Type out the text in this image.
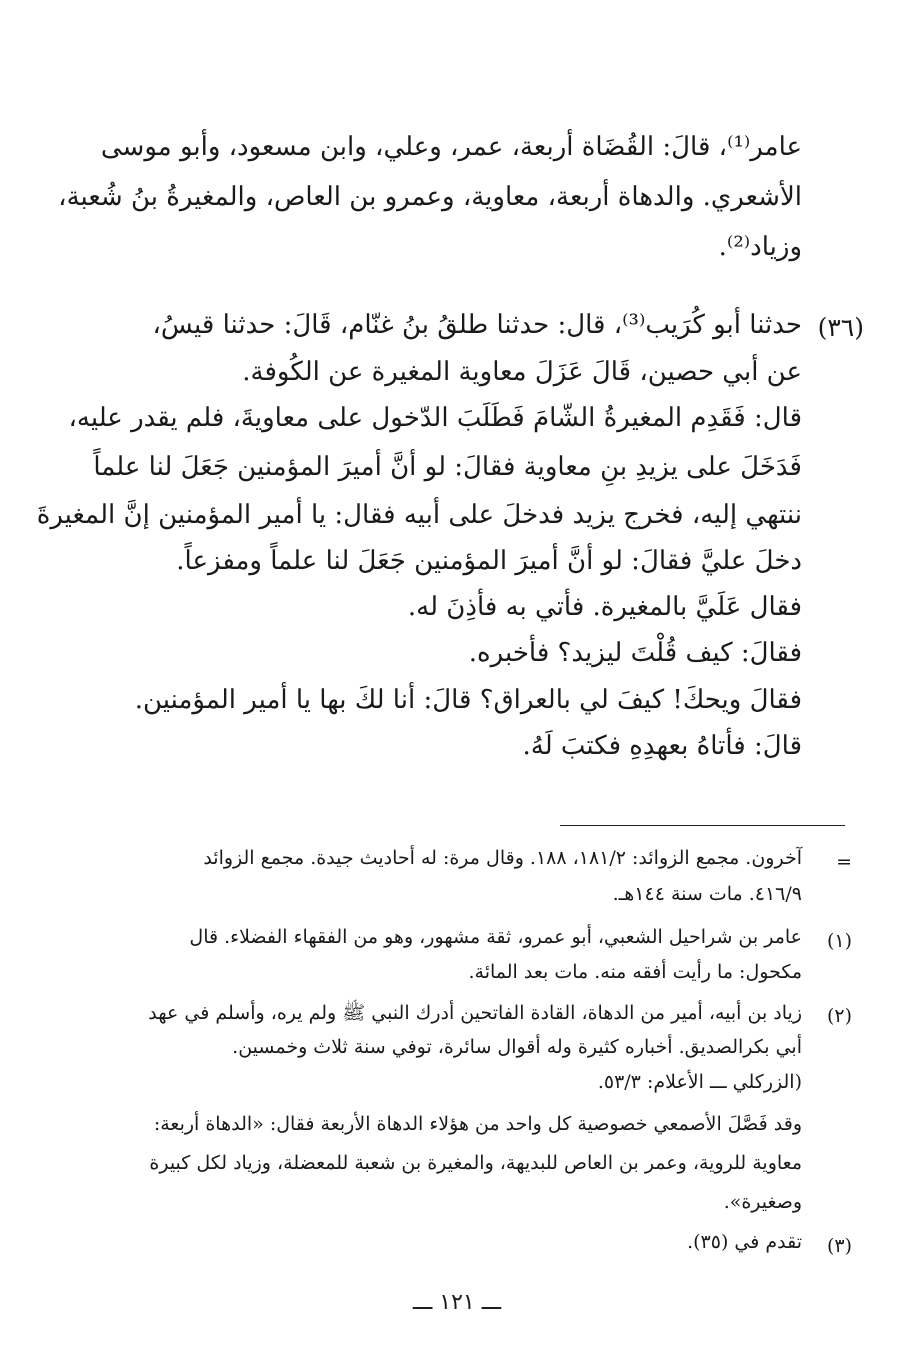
عامر⁽¹⁾، قالَ: القُضَاة أربعة، عمر، وعلي، وابن مسعود، وأبو موسى
الأشعري. والدهاة أربعة، معاوية، وعمرو بن العاص، والمغيرةُ بنُ شُعبة،
وزياد⁽²⁾.
(٣٦)
حدثنا أبو كُرَيب⁽³⁾، قال: حدثنا طلقُ بنُ غنّام، قَالَ: حدثنا قيسُ،
عن أبي حصين، قَالَ عَزَلَ معاوية المغيرة عن الكُوفة.
قال: فَقَدِم المغيرةُ الشّامَ فَطَلَبَ الدّخول على معاويةَ، فلم يقدر عليه،
فَدَخَلَ على يزيدِ بنِ معاوية فقالَ: لو أنَّ أميرَ المؤمنين جَعَلَ لنا علماً
ننتهي إليه، فخرج يزيد فدخلَ على أبيه فقال: يا أمير المؤمنين إنَّ المغيرةَ
دخلَ عليَّ فقالَ: لو أنَّ أميرَ المؤمنين جَعَلَ لنا علماً ومفزعاً.
فقال عَلَيَّ بالمغيرة. فأتي به فأذِنَ له.
فقالَ: كيف قُلْتَ ليزيد؟ فأخبره.
فقالَ ويحكَ! كيفَ لي بالعراق؟ قالَ: أنا لكَ بها يا أمير المؤمنين.
قالَ: فأتاهُ بعهدِهِ فكتبَ لَهُ.
=
آخرون. مجمع الزوائد: ١٨١/٢، ١٨٨. وقال مرة: له أحاديث جيدة. مجمع الزوائد
٤١٦/٩. مات سنة ١٤٤هـ.
(١)
عامر بن شراحيل الشعبي، أبو عمرو، ثقة مشهور، وهو من الفقهاء الفضلاء. قال
مكحول: ما رأيت أفقه منه. مات بعد المائة.
(٢)
زياد بن أبيه، أمير من الدهاة، القادة الفاتحين أدرك النبي ﷺ ولم يره، وأسلم في عهد
أبي بكرالصديق. أخباره كثيرة وله أقوال سائرة، توفي سنة ثلاث وخمسين.
(الزركلي ـــ الأعلام: ٥٣/٣.
وقد فَصَّلَ الأصمعي خصوصية كل واحد من هؤلاء الدهاة الأربعة فقال: «الدهاة أربعة:
معاوية للروية، وعمر بن العاص للبديهة، والمغيرة بن شعبة للمعضلة، وزياد لكل كبيرة
وصغيرة».
(٣)
تقدم في (٣٥).
ـــ ١٢١ ـــ
